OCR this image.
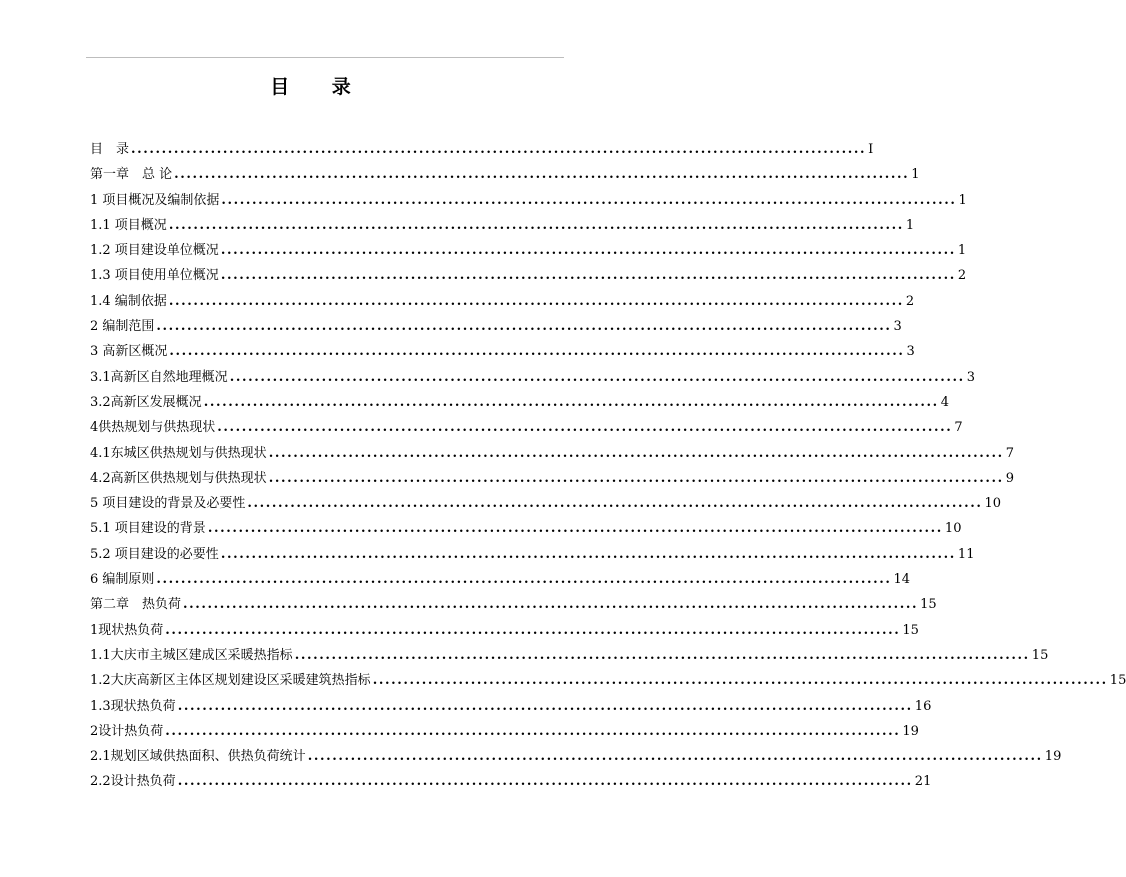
目 录
目　录 ........................................................................................................................ I
第一章　总 论 ........................................................................................................................ 1
1 项目概况及编制依据 ........................................................................................................................ 1
1.1 项目概况 ........................................................................................................................ 1
1.2 项目建设单位概况 ........................................................................................................................ 1
1.3 项目使用单位概况 ........................................................................................................................ 2
1.4 编制依据 ........................................................................................................................ 2
2 编制范围 ........................................................................................................................ 3
3 高新区概况 ........................................................................................................................ 3
3.1高新区自然地理概况 ........................................................................................................................ 3
3.2高新区发展概况 ........................................................................................................................ 4
4供热规划与供热现状 ........................................................................................................................ 7
4.1东城区供热规划与供热现状 ........................................................................................................................ 7
4.2高新区供热规划与供热现状 ........................................................................................................................ 9
5 项目建设的背景及必要性 ........................................................................................................................ 10
5.1 项目建设的背景 ........................................................................................................................ 10
5.2 项目建设的必要性 ........................................................................................................................ 11
6 编制原则 ........................................................................................................................ 14
第二章　热负荷 ........................................................................................................................ 15
1现状热负荷 ........................................................................................................................ 15
1.1大庆市主城区建成区采暖热指标 ........................................................................................................................ 15
1.2大庆高新区主体区规划建设区采暖建筑热指标 ........................................................................................................................ 15
1.3现状热负荷 ........................................................................................................................ 16
2设计热负荷 ........................................................................................................................ 19
2.1规划区域供热面积、供热负荷统计 ........................................................................................................................ 19
2.2设计热负荷 ........................................................................................................................ 21
